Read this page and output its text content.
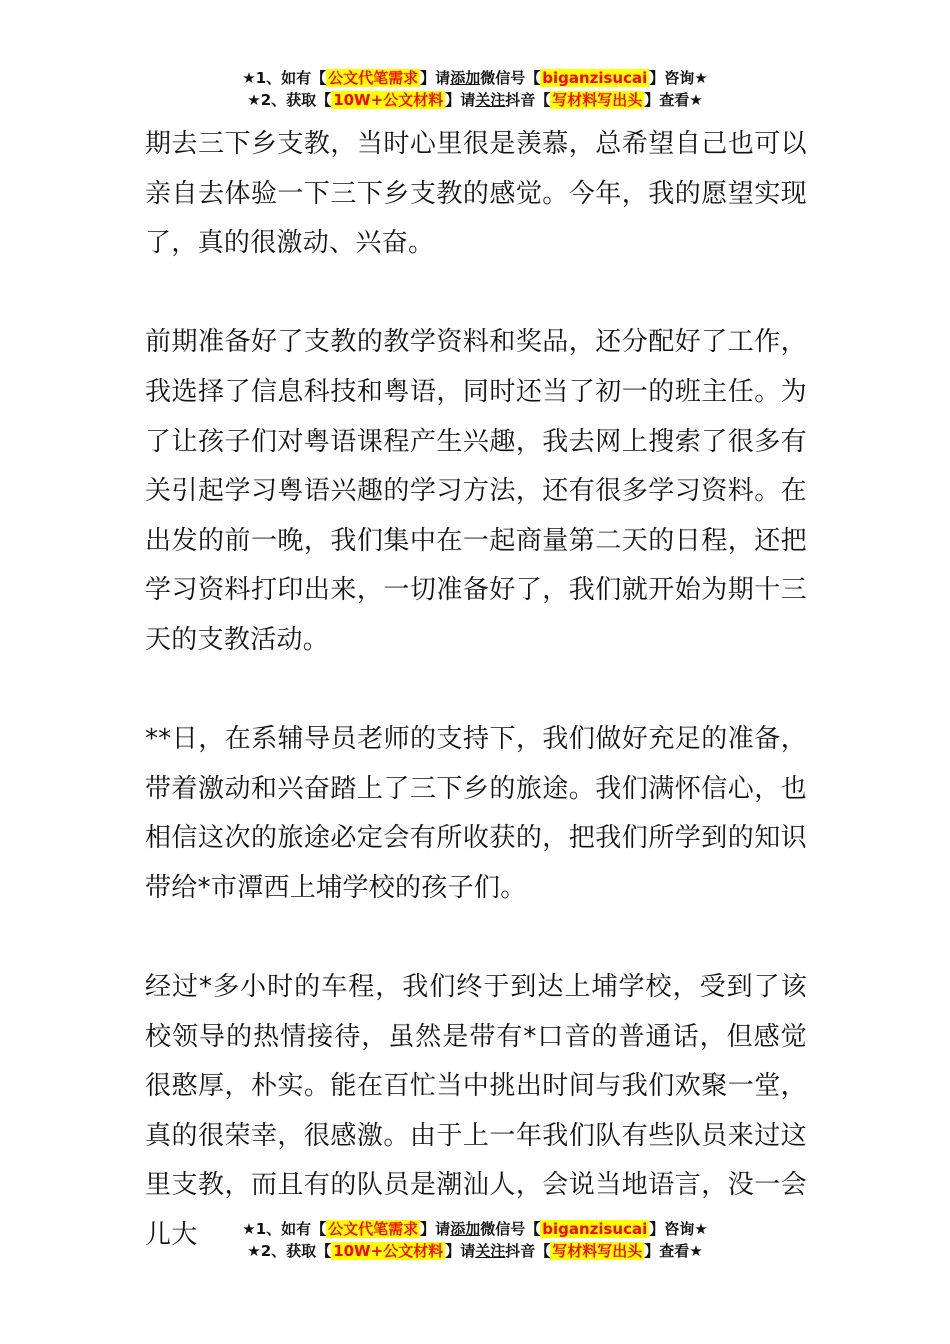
★1、如有【 公文代笔需求 】请添加微信号【 biganzisucai 】咨询★
★2、获取【 10W+公文材料 】请关注抖音【 写材料写出头 】查看★

期去三下乡支教，当时心里很是羡慕，总希望自己也可以亲自去体验一下三下乡支教的感觉。今年，我的愿望实现了，真的很激动、兴奋。

前期准备好了支教的教学资料和奖品，还分配好了工作，我选择了信息科技和粤语，同时还当了初一的班主任。为了让孩子们对粤语课程产生兴趣，我去网上搜索了很多有关引起学习粤语兴趣的学习方法，还有很多学习资料。在出发的前一晚，我们集中在一起商量第二天的日程，还把学习资料打印出来，一切准备好了，我们就开始为期十三天的支教活动。

**日，在系辅导员老师的支持下，我们做好充足的准备，带着激动和兴奋踏上了三下乡的旅途。我们满怀信心，也相信这次的旅途必定会有所收获的，把我们所学到的知识带给*市潭西上埔学校的孩子们。

经过*多小时的车程，我们终于到达上埔学校，受到了该校领导的热情接待，虽然是带有*口音的普通话，但感觉很憨厚，朴实。能在百忙当中挑出时间与我们欢聚一堂，真的很荣幸，很感激。由于上一年我们队有些队员来过这里支教，而且有的队员是潮汕人，会说当地语言，没一会儿大	★1、如有【 公文代笔需求 】请添加微信号【 biganzisucai 】咨询★
★2、获取【 10W+公文材料 】请关注抖音【 写材料写出头 】查看★
